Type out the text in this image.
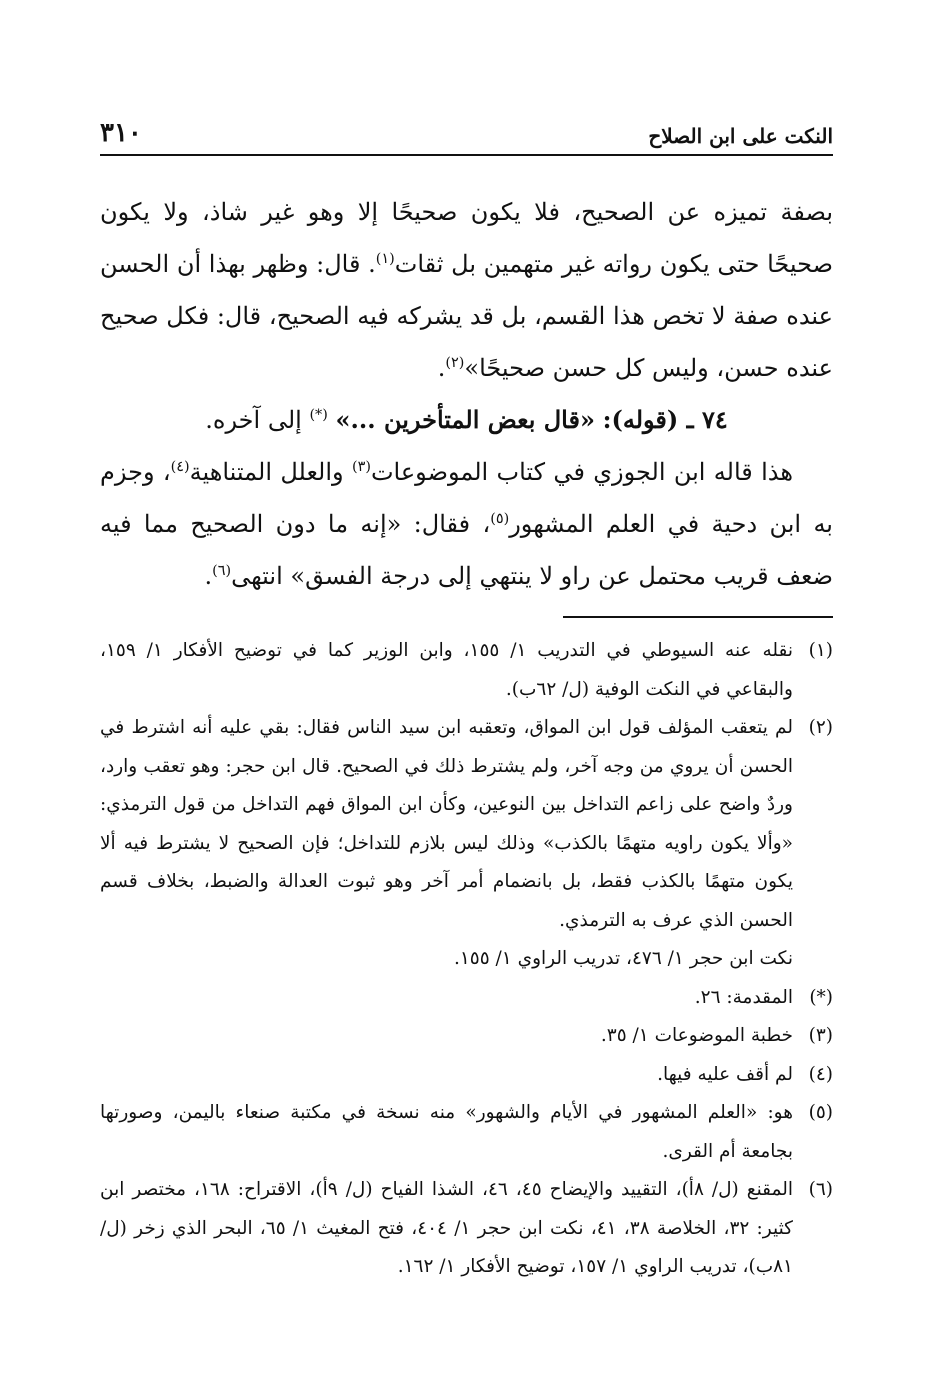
النكت على ابن الصلاح
٣١٠

بصفة تميزه عن الصحيح، فلا يكون صحيحًا إلا وهو غير شاذ، ولا يكون صحيحًا حتى يكون رواته غير متهمين بل ثقات$^{(١)}$. قال: وظهر بهذا أن الحسن عنده صفة لا تخص هذا القسم، بل قد يشركه فيه الصحيح، قال: فكل صحيح عنده حسن، وليس كل حسن صحيحًا»$^{(٢)}$.

٧٤ ـ (قوله): «قال بعض المتأخرين ...» (*) إلى آخره.

هذا قاله ابن الجوزي في كتاب الموضوعات$^{(٣)}$ والعلل المتناهية$^{(٤)}$، وجزم به ابن دحية في العلم المشهور$^{(٥)}$، فقال: «إنه ما دون الصحيح مما فيه ضعف قريب محتمل عن راو لا ينتهي إلى درجة الفسق» انتهى$^{(٦)}$.

(١)

نقله عنه السيوطي في التدريب ١/ ١٥٥، وابن الوزير كما في توضيح الأفكار ١/ ١٥٩، والبقاعي في النكت الوفية (ل/ ٦٢ب).

(٢)

لم يتعقب المؤلف قول ابن المواق، وتعقبه ابن سيد الناس فقال: بقي عليه أنه اشترط في الحسن أن يروي من وجه آخر، ولم يشترط ذلك في الصحيح. قال ابن حجر: وهو تعقب وارد، وردٌ واضح على زاعم التداخل بين النوعين، وكأن ابن المواق فهم التداخل من قول الترمذي: «وألا يكون راويه متهمًا بالكذب» وذلك ليس بلازم للتداخل؛ فإن الصحيح لا يشترط فيه ألا يكون متهمًا بالكذب فقط، بل بانضمام أمر آخر وهو ثبوت العدالة والضبط، بخلاف قسم الحسن الذي عرف به الترمذي.

نكت ابن حجر ١/ ٤٧٦، تدريب الراوي ١/ ١٥٥.

(*)

المقدمة: ٢٦.

(٣)

خطبة الموضوعات ١/ ٣٥.

(٤)

لم أقف عليه فيها.

(٥)

هو: «العلم المشهور في الأيام والشهور» منه نسخة في مكتبة صنعاء باليمن، وصورتها بجامعة أم القرى.

(٦)

المقنع (ل/ ٨أ)، التقييد والإيضاح ٤٥، ٤٦، الشذا الفياح (ل/ ٩أ)، الاقتراح: ١٦٨، مختصر ابن كثير: ٣٢، الخلاصة ٣٨، ٤١، نكت ابن حجر ١/ ٤٠٤، فتح المغيث ١/ ٦٥، البحر الذي زخر (ل/ ٨١ب)، تدريب الراوي ١/ ١٥٧، توضيح الأفكار ١/ ١٦٢.
